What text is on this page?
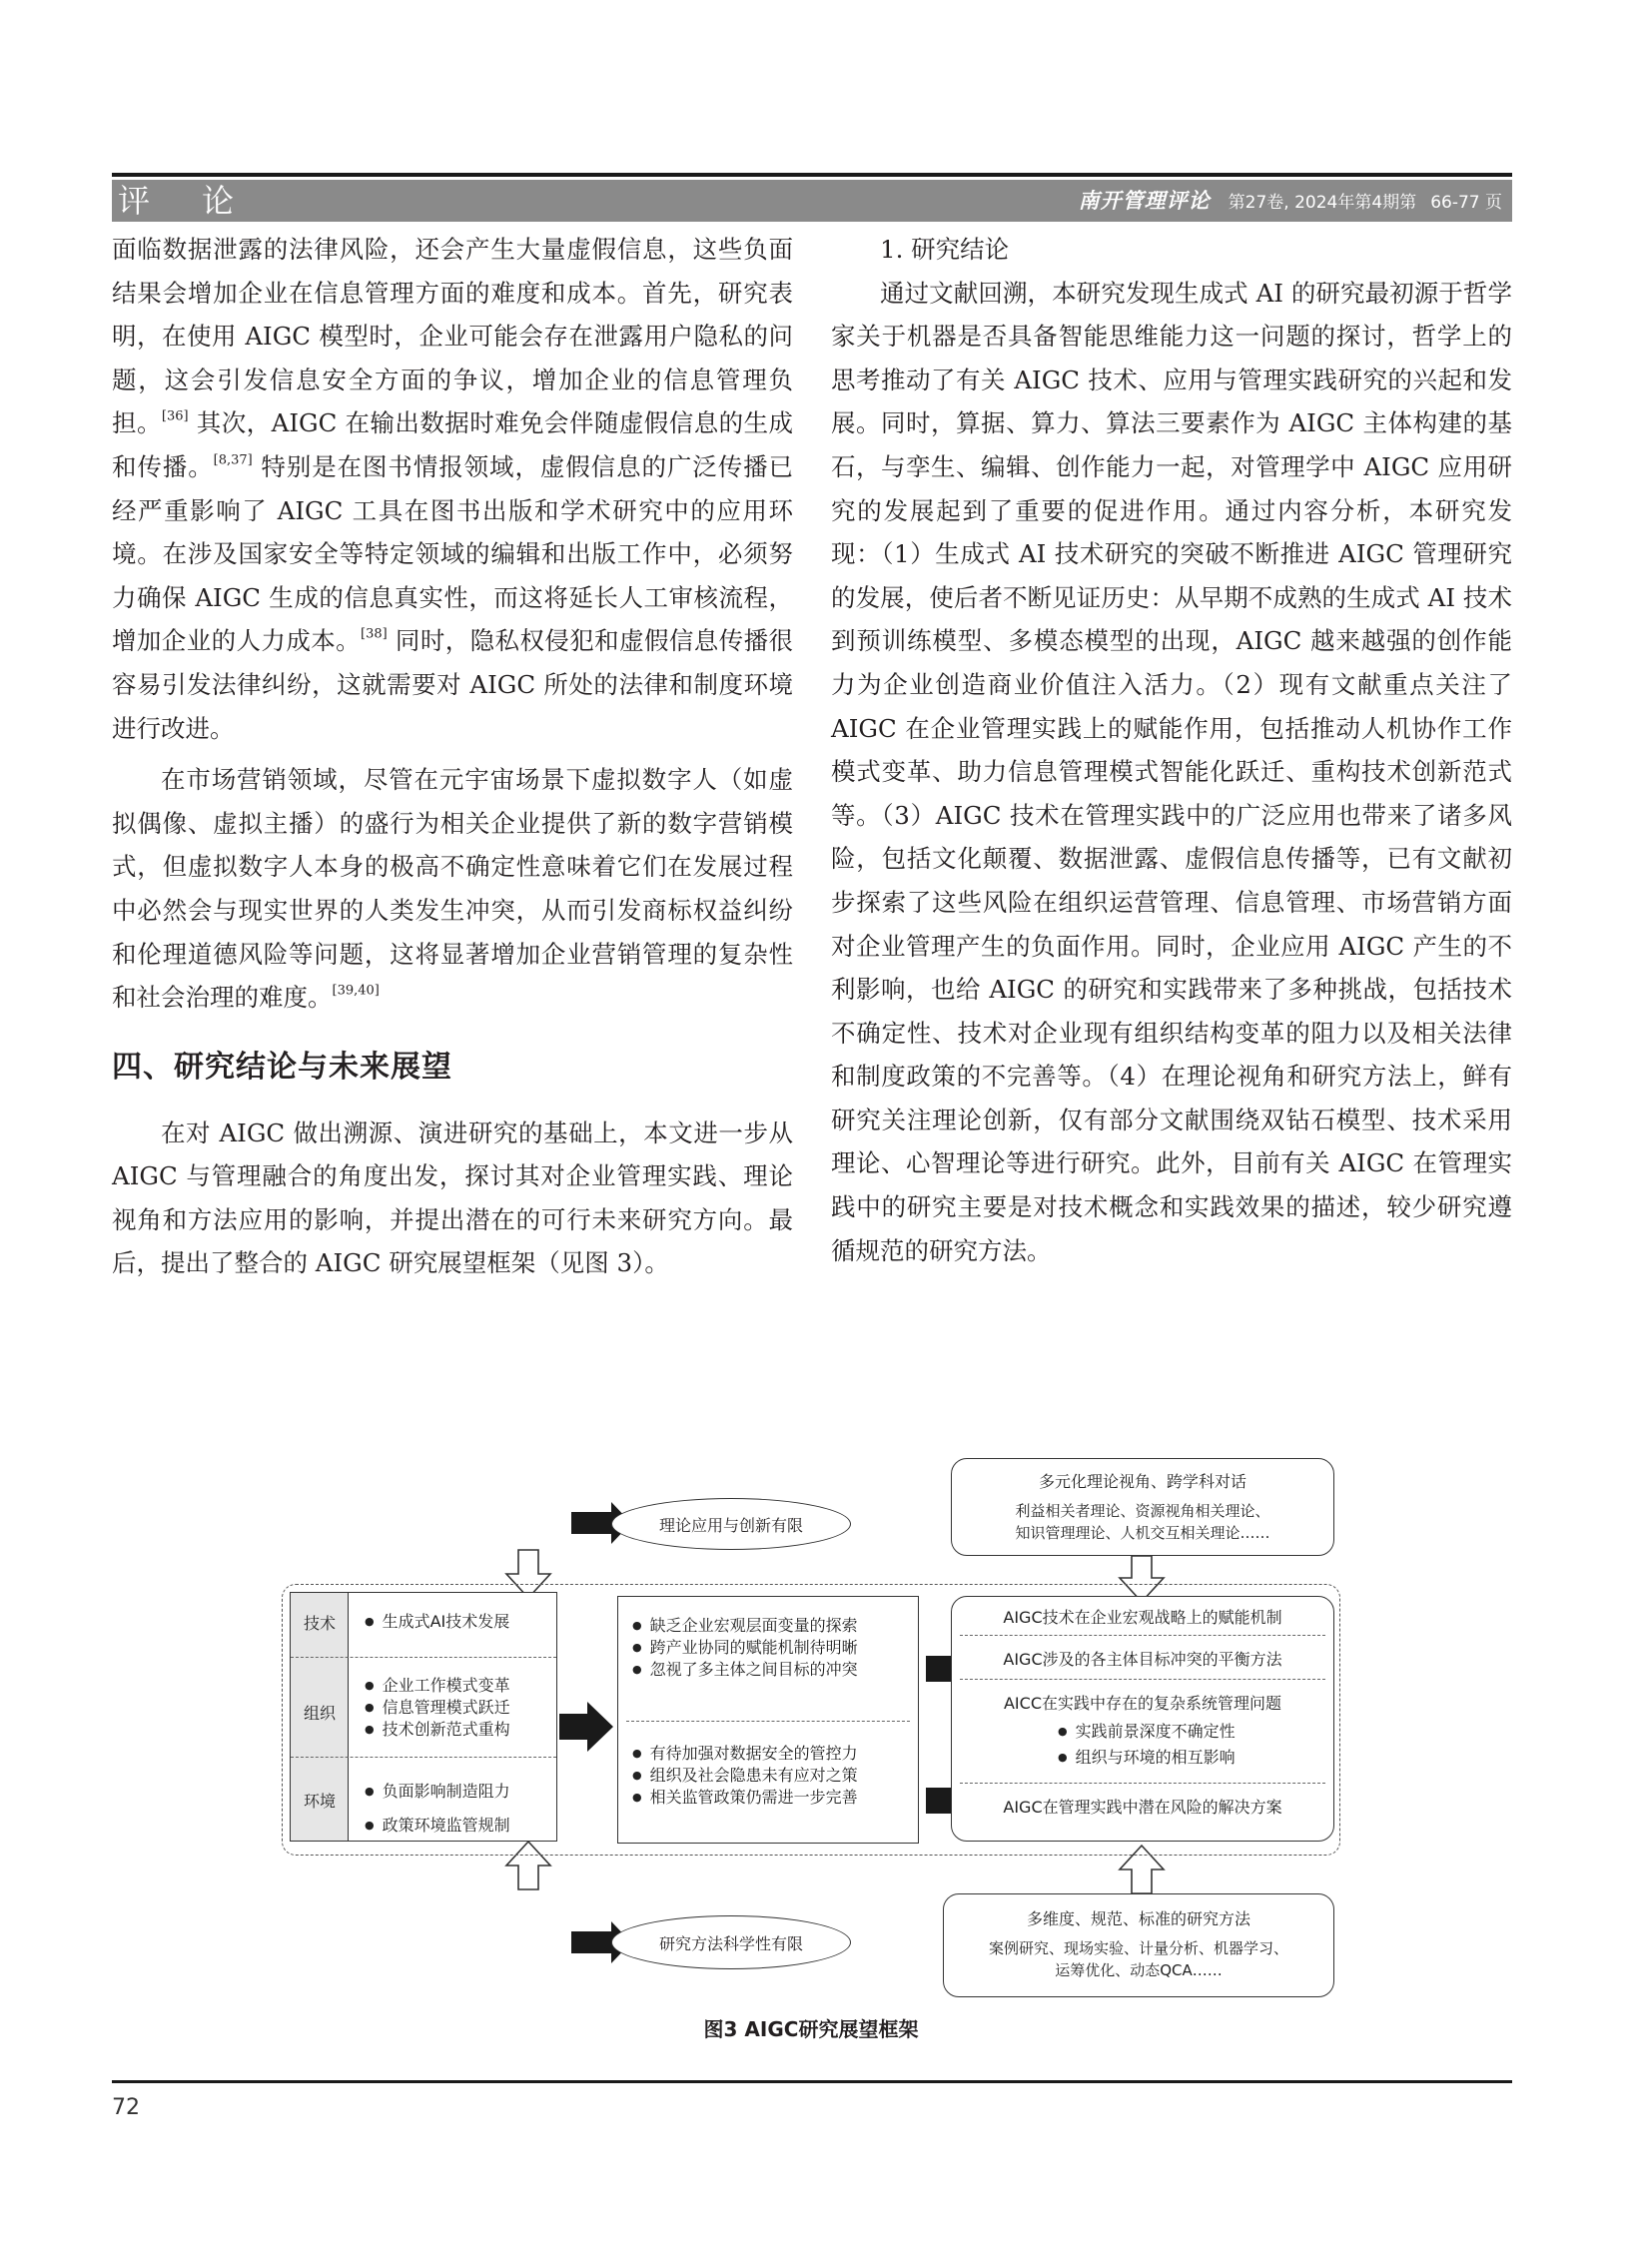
评论	南开管理评论 第27卷, 2024年第4期第 66-77 页

面临数据泄露的法律风险，还会产生大量虚假信息，这些负面结果会增加企业在信息管理方面的难度和成本。首先，研究表明，在使用 AIGC 模型时，企业可能会存在泄露用户隐私的问题，这会引发信息安全方面的争议，增加企业的信息管理负担。[36] 其次，AIGC 在输出数据时难免会伴随虚假信息的生成和传播。[8,37] 特别是在图书情报领域，虚假信息的广泛传播已经严重影响了 AIGC 工具在图书出版和学术研究中的应用环境。在涉及国家安全等特定领域的编辑和出版工作中，必须努力确保 AIGC 生成的信息真实性，而这将延长人工审核流程，增加企业的人力成本。[38] 同时，隐私权侵犯和虚假信息传播很容易引发法律纠纷，这就需要对 AIGC 所处的法律和制度环境进行改进。

在市场营销领域，尽管在元宇宙场景下虚拟数字人（如虚拟偶像、虚拟主播）的盛行为相关企业提供了新的数字营销模式，但虚拟数字人本身的极高不确定性意味着它们在发展过程中必然会与现实世界的人类发生冲突，从而引发商标权益纠纷和伦理道德风险等问题，这将显著增加企业营销管理的复杂性和社会治理的难度。[39,40]

四、研究结论与未来展望

在对 AIGC 做出溯源、演进研究的基础上，本文进一步从 AIGC 与管理融合的角度出发，探讨其对企业管理实践、理论视角和方法应用的影响，并提出潜在的可行未来研究方向。最后，提出了整合的 AIGC 研究展望框架（见图 3）。

1. 研究结论

通过文献回溯，本研究发现生成式 AI 的研究最初源于哲学家关于机器是否具备智能思维能力这一问题的探讨，哲学上的思考推动了有关 AIGC 技术、应用与管理实践研究的兴起和发展。同时，算据、算力、算法三要素作为 AIGC 主体构建的基石，与孪生、编辑、创作能力一起，对管理学中 AIGC 应用研究的发展起到了重要的促进作用。通过内容分析，本研究发现：（1）生成式 AI 技术研究的突破不断推进 AIGC 管理研究的发展，使后者不断见证历史：从早期不成熟的生成式 AI 技术到预训练模型、多模态模型的出现，AIGC 越来越强的创作能力为企业创造商业价值注入活力。（2）现有文献重点关注了 AIGC 在企业管理实践上的赋能作用，包括推动人机协作工作模式变革、助力信息管理模式智能化跃迁、重构技术创新范式等。（3）AIGC 技术在管理实践中的广泛应用也带来了诸多风险，包括文化颠覆、数据泄露、虚假信息传播等，已有文献初步探索了这些风险在组织运营管理、信息管理、市场营销方面对企业管理产生的负面作用。同时，企业应用 AIGC 产生的不利影响，也给 AIGC 的研究和实践带来了多种挑战，包括技术不确定性、技术对企业现有组织结构变革的阻力以及相关法律和制度政策的不完善等。（4）在理论视角和研究方法上，鲜有研究关注理论创新，仅有部分文献围绕双钻石模型、技术采用理论、心智理论等进行研究。此外，目前有关 AIGC 在管理实践中的研究主要是对技术概念和实践效果的描述，较少研究遵循规范的研究方法。

理论应用与创新有限
多元化理论视角、跨学科对话
利益相关者理论、资源视角相关理论、
知识管理理论、人机交互相关理论……
技术
组织
环境
● 生成式AI技术发展
● 企业工作模式变革
● 信息管理模式跃迁
● 技术创新范式重构
● 负面影响制造阻力
● 政策环境监管规制
● 缺乏企业宏观层面变量的探索
● 跨产业协同的赋能机制待明晰
● 忽视了多主体之间目标的冲突
● 有待加强对数据安全的管控力
● 组织及社会隐患未有应对之策
● 相关监管政策仍需进一步完善
AIGC技术在企业宏观战略上的赋能机制
AIGC涉及的各主体目标冲突的平衡方法
AICC在实践中存在的复杂系统管理问题
● 实践前景深度不确定性
● 组织与环境的相互影响
AIGC在管理实践中潜在风险的解决方案
研究方法科学性有限
多维度、规范、标准的研究方法
案例研究、现场实验、计量分析、机器学习、
运筹优化、动态QCA……
图3 AIGC研究展望框架
72
